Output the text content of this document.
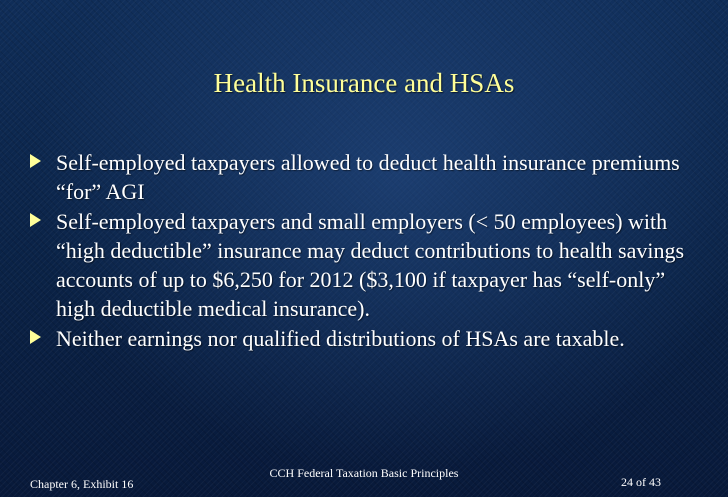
Health Insurance and HSAs
Self-employed taxpayers allowed to deduct health insurance premiums “for” AGI
Self-employed taxpayers and small employers (< 50 employees) with “high deductible” insurance may deduct contributions to health savings accounts of up to $6,250 for 2012 ($3,100 if taxpayer has “self-only” high deductible medical insurance).
Neither earnings nor qualified distributions of HSAs are taxable.
Chapter 6, Exhibit 16
CCH Federal Taxation Basic Principles
24 of 43
